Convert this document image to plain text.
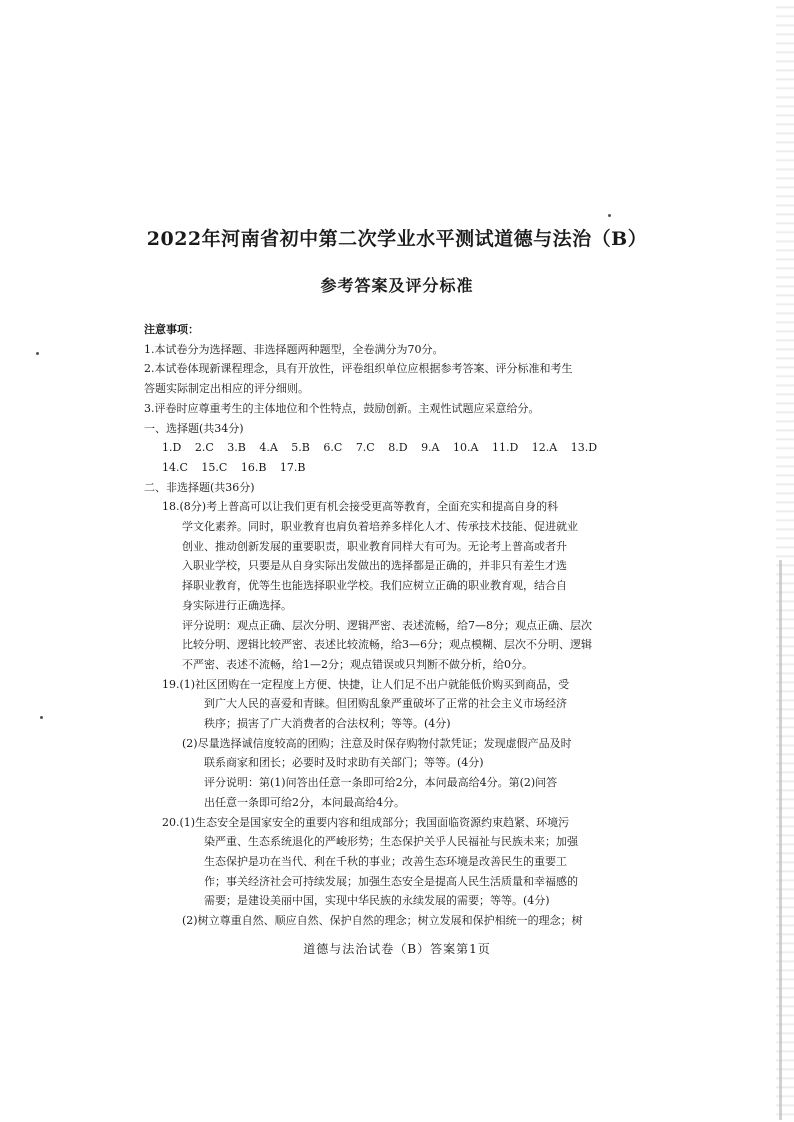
2022年河南省初中第二次学业水平测试道德与法治（B）
参考答案及评分标准
注意事项：
1.本试卷分为选择题、非选择题两种题型，全卷满分为70分。
2.本试卷体现新课程理念，具有开放性，评卷组织单位应根据参考答案、评分标准和考生
答题实际制定出相应的评分细则。
3.评卷时应尊重考生的主体地位和个性特点，鼓励创新。主观性试题应采意给分。
一、选择题(共34分)
1.D 2.C 3.B 4.A 5.B 6.C 7.C 8.D 9.A 10.A 11.D 12.A 13.D
14.C 15.C 16.B 17.B
二、非选择题(共36分)
18.(8分)考上普高可以让我们更有机会接受更高等教育，全面充实和提高自身的科
学文化素养。同时，职业教育也肩负着培养多样化人才、传承技术技能、促进就业
创业、推动创新发展的重要职责，职业教育同样大有可为。无论考上普高或者升
入职业学校，只要是从自身实际出发做出的选择都是正确的，并非只有差生才选
择职业教育，优等生也能选择职业学校。我们应树立正确的职业教育观，结合自
身实际进行正确选择。
评分说明：观点正确、层次分明、逻辑严密、表述流畅，给7—8分；观点正确、层次
比较分明、逻辑比较严密、表述比较流畅，给3—6分；观点模糊、层次不分明、逻辑
不严密、表述不流畅，给1—2分；观点错误或只判断不做分析，给0分。
19.(1)社区团购在一定程度上方便、快捷，让人们足不出户就能低价购买到商品，受
到广大人民的喜爱和青睐。但团购乱象严重破坏了正常的社会主义市场经济
秩序；损害了广大消费者的合法权利；等等。(4分)
(2)尽量选择诚信度较高的团购；注意及时保存购物付款凭证；发现虚假产品及时
联系商家和团长；必要时及时求助有关部门；等等。(4分)
评分说明：第(1)问答出任意一条即可给2分，本问最高给4分。第(2)问答
出任意一条即可给2分，本问最高给4分。
20.(1)生态安全是国家安全的重要内容和组成部分；我国面临资源约束趋紧、环境污
染严重、生态系统退化的严峻形势；生态保护关乎人民福祉与民族未来；加强
生态保护是功在当代、利在千秋的事业；改善生态环境是改善民生的重要工
作；事关经济社会可持续发展；加强生态安全是提高人民生活质量和幸福感的
需要；是建设美丽中国，实现中华民族的永续发展的需要；等等。(4分)
(2)树立尊重自然、顺应自然、保护自然的理念；树立发展和保护相统一的理念；树
道德与法治试卷（B）答案第1页
